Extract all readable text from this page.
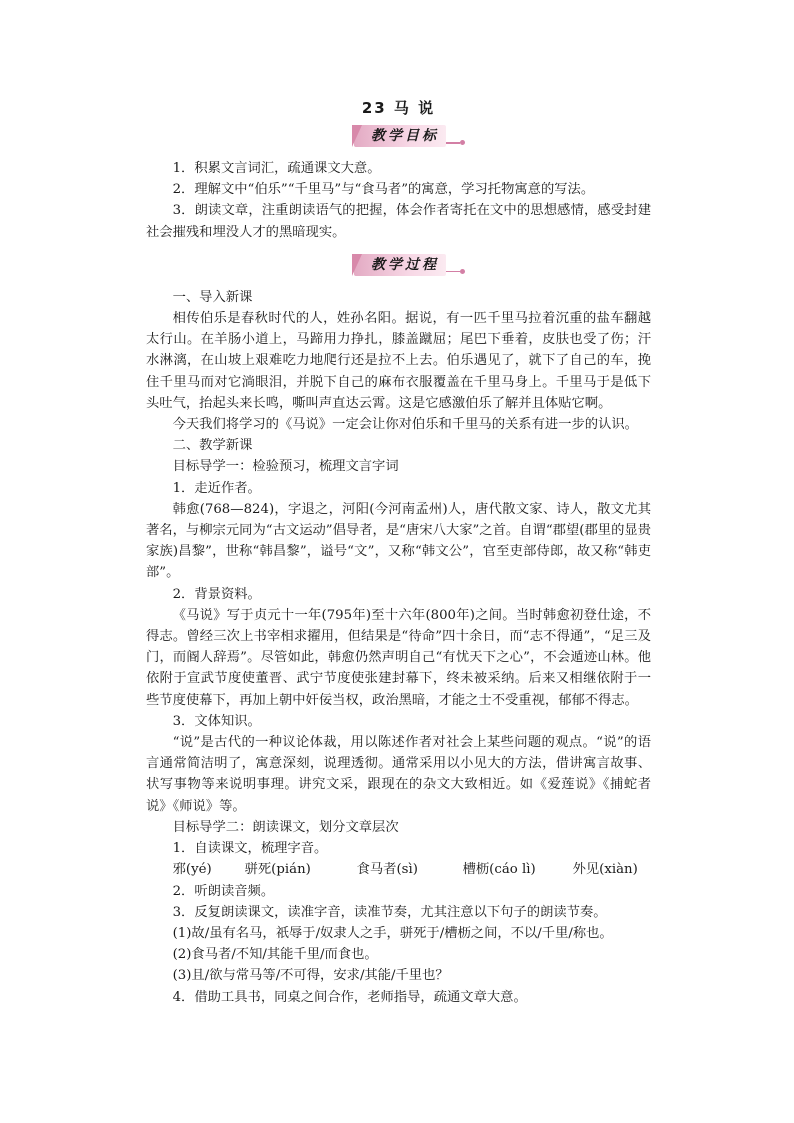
23 马 说
教学目标

1．积累文言词汇，疏通课文大意。

2．理解文中“伯乐”“千里马”与“食马者”的寓意，学习托物寓意的写法。

3．朗读文章，注重朗读语气的把握，体会作者寄托在文中的思想感情，感受封建社会摧残和埋没人才的黑暗现实。

教学过程

一、导入新课

相传伯乐是春秋时代的人，姓孙名阳。据说，有一匹千里马拉着沉重的盐车翻越太行山。在羊肠小道上，马蹄用力挣扎，膝盖蹴屈；尾巴下垂着，皮肤也受了伤；汗水淋漓，在山坡上艰难吃力地爬行还是拉不上去。伯乐遇见了，就下了自己的车，挽住千里马而对它淌眼泪，并脱下自己的麻布衣服覆盖在千里马身上。千里马于是低下头吐气，抬起头来长鸣，嘶叫声直达云霄。这是它感激伯乐了解并且体贴它啊。

今天我们将学习的《马说》一定会让你对伯乐和千里马的关系有进一步的认识。

二、教学新课

目标导学一：检验预习，梳理文言字词

1．走近作者。

韩愈(768—824)，字退之，河阳(今河南孟州)人，唐代散文家、诗人，散文尤其著名，与柳宗元同为“古文运动”倡导者，是“唐宋八大家”之首。自谓“郡望(郡里的显贵家族)昌黎”，世称“韩昌黎”，谥号“文”，又称“韩文公”，官至吏部侍郎，故又称“韩吏部”。

2．背景资料。

《马说》写于贞元十一年(795年)至十六年(800年)之间。当时韩愈初登仕途，不得志。曾经三次上书宰相求擢用，但结果是“待命”四十余日，而“志不得通”，“足三及门，而阍人辞焉”。尽管如此，韩愈仍然声明自己“有忧天下之心”，不会遁迹山林。他依附于宣武节度使董晋、武宁节度使张建封幕下，终未被采纳。后来又相继依附于一些节度使幕下，再加上朝中奸佞当权，政治黑暗，才能之士不受重视，郁郁不得志。

3．文体知识。

“说”是古代的一种议论体裁，用以陈述作者对社会上某些问题的观点。“说”的语言通常简洁明了，寓意深刻，说理透彻。通常采用以小见大的方法，借讲寓言故事、状写事物等来说明事理。讲究文采，跟现在的杂文大致相近。如《爱莲说》《捕蛇者说》《师说》等。

目标导学二：朗读课文，划分文章层次

1．自读课文，梳理字音。

邪(yé) 骈死(pián)	食马者(sì)	槽枥(cáo lì)	外见(xiàn)

2．听朗读音频。

3．反复朗读课文，读准字音，读准节奏，尤其注意以下句子的朗读节奏。

(1)故/虽有名马，祇辱于/奴隶人之手，骈死于/槽枥之间，不以/千里/称也。

(2)食马者/不知/其能千里/而食也。

(3)且/欲与常马等/不可得，安求/其能/千里也？

4．借助工具书，同桌之间合作，老师指导，疏通文章大意。
